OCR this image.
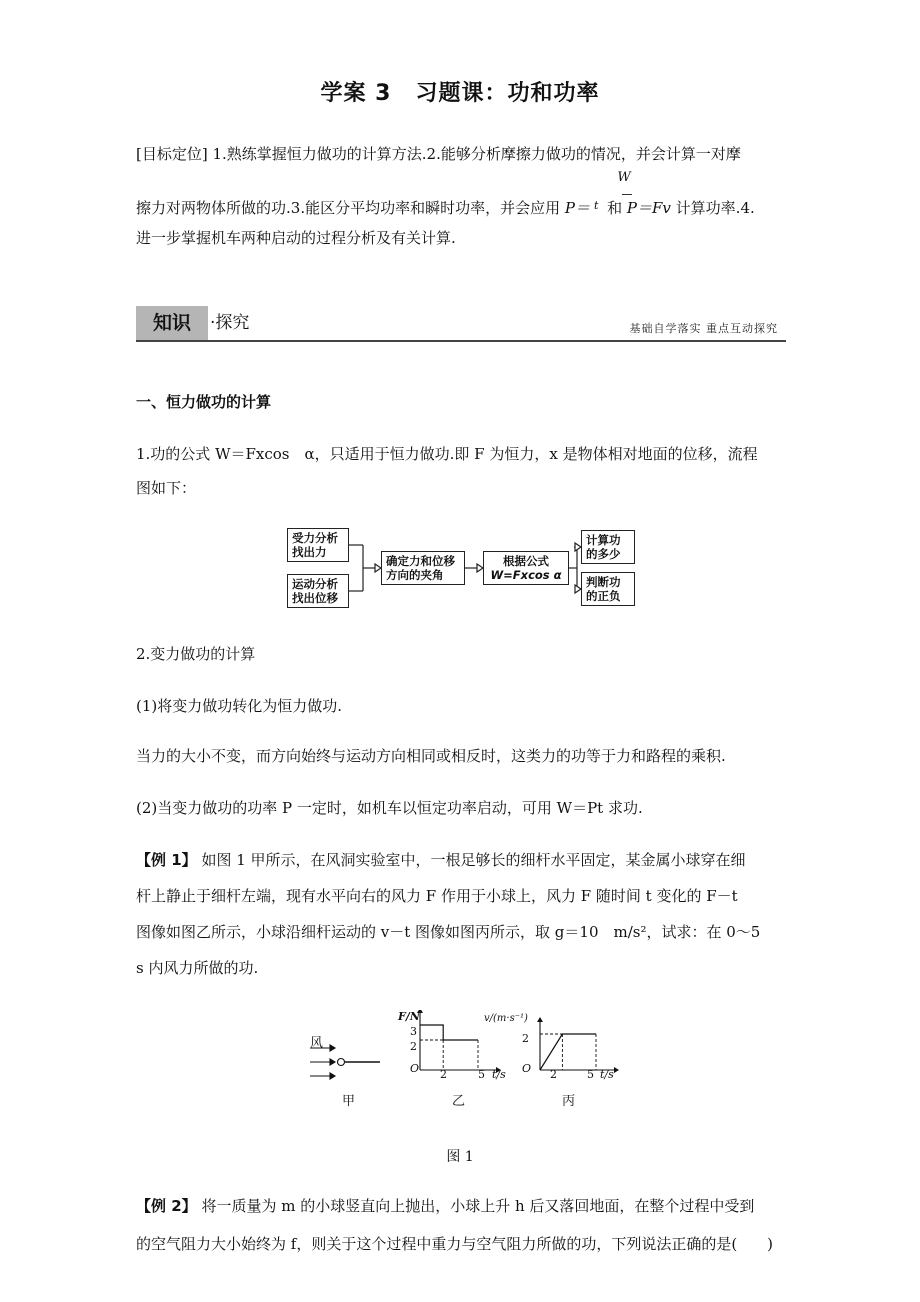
学案 3 习题课：功和功率
[目标定位] 1.熟练掌握恒力做功的计算方法.2.能够分析摩擦力做功的情况，并会计算一对摩
W
擦力对两物体所做的功.3.能区分平均功率和瞬时功率，并会应用 P＝ $^t$ 和 P＝Fv 计算功率.4.
进一步掌握机车两种启动的过程分析及有关计算.
知识	·探究	基础自学落实 重点互动探究
一、恒力做功的计算
1.功的公式 W＝Fxcos　α，只适用于恒力做功.即 F 为恒力，x 是物体相对地面的位移，流程
图如下：
受力分析
找出力
运动分析
找出位移
确定力和位移
方向的夹角
根据公式
W=Fxcos α
计算功
的多少
判断功
的正负
2.变力做功的计算
(1)将变力做功转化为恒力做功.
当力的大小不变，而方向始终与运动方向相同或相反时，这类力的功等于力和路程的乘积.
(2)当变力做功的功率 P 一定时，如机车以恒定功率启动，可用 W＝Pt 求功.
【例 1】 如图 1 甲所示，在风洞实验室中，一根足够长的细杆水平固定，某金属小球穿在细
杆上静止于细杆左端，现有水平向右的风力 F 作用于小球上，风力 F 随时间 t 变化的 F－t
图像如图乙所示，小球沿细杆运动的 v－t 图像如图丙所示，取 g＝10　m/s²，试求：在 0～5
s 内风力所做的功.
风
F/N
3
2
O 2	5 t/s
v/(m·s⁻¹)
2
O 2	5 t/s
甲	乙	丙
图 1
【例 2】 将一质量为 m 的小球竖直向上抛出，小球上升 h 后又落回地面，在整个过程中受到
的空气阻力大小始终为 f，则关于这个过程中重力与空气阻力所做的功，下列说法正确的是(　　)
